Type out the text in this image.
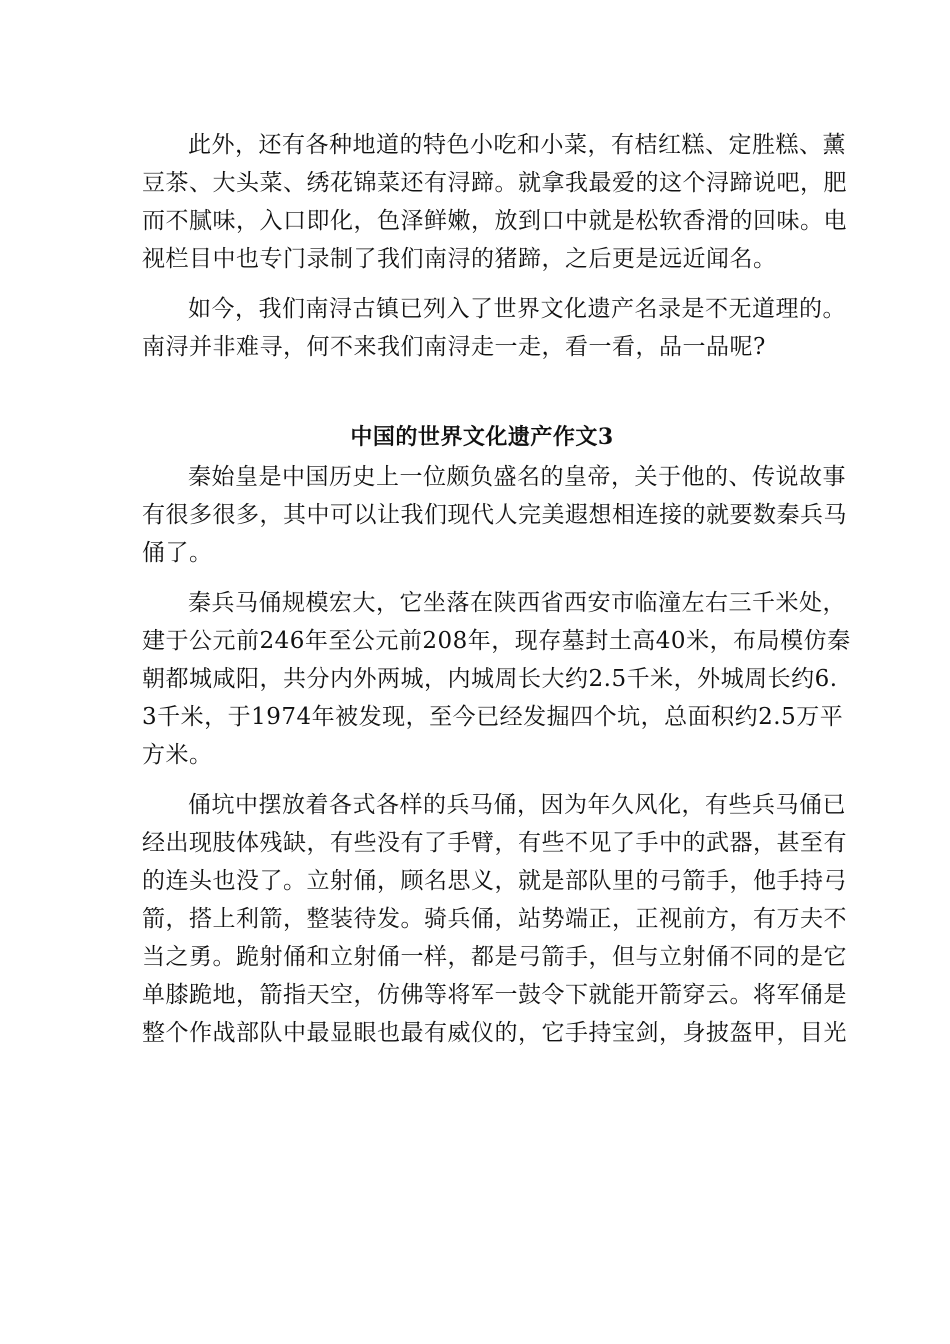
此外，还有各种地道的特色小吃和小菜，有桔红糕、定胜糕、薰
豆茶、大头菜、绣花锦菜还有浔蹄。就拿我最爱的这个浔蹄说吧，肥
而不腻味，入口即化，色泽鲜嫩，放到口中就是松软香滑的回味。电
视栏目中也专门录制了我们南浔的猪蹄，之后更是远近闻名。

如今，我们南浔古镇已列入了世界文化遗产名录是不无道理的。
南浔并非难寻，何不来我们南浔走一走，看一看，品一品呢?

中国的世界文化遗产作文3

秦始皇是中国历史上一位颇负盛名的皇帝，关于他的、传说故事
有很多很多，其中可以让我们现代人完美遐想相连接的就要数秦兵马
俑了。

秦兵马俑规模宏大，它坐落在陕西省西安市临潼左右三千米处，
建于公元前246年至公元前208年，现存墓封土高40米，布局模仿秦
朝都城咸阳，共分内外两城，内城周长大约2.5千米，外城周长约6.
3千米，于1974年被发现，至今已经发掘四个坑，总面积约2.5万平
方米。

俑坑中摆放着各式各样的兵马俑，因为年久风化，有些兵马俑已
经出现肢体残缺，有些没有了手臂，有些不见了手中的武器，甚至有
的连头也没了。立射俑，顾名思义，就是部队里的弓箭手，他手持弓
箭，搭上利箭，整装待发。骑兵俑，站势端正，正视前方，有万夫不
当之勇。跪射俑和立射俑一样，都是弓箭手，但与立射俑不同的是它
单膝跪地，箭指天空，仿佛等将军一鼓令下就能开箭穿云。将军俑是
整个作战部队中最显眼也最有威仪的，它手持宝剑，身披盔甲，目光
